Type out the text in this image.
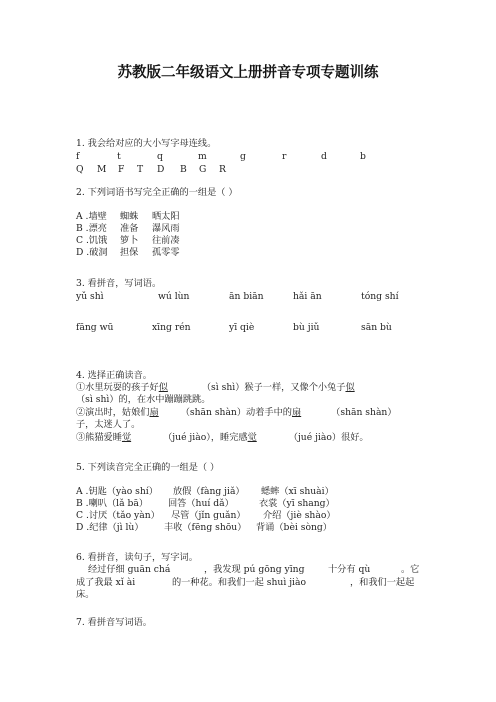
苏教版二年级语文上册拼音专项专题训练
1. 我会给对应的大小写字母连线。
f	t	q	m	g	r	d	b
Q M F T D B G R
2. 下列词语书写完全正确的一组是（ ）
A .墙壁 蜘蛛 晒太阳
B .漂亮 准备 瀑风雨
C .饥饿 箩卜 往前凑
D .破洞 担保 孤零零
3. 看拼音，写词语。
yǔ shì	wú lùn	ān biān	hǎi ān	tóng shí
fāng wū	xīng rén	yī qiè	bù jiǔ	sān bù
4. 选择正确读音。
①水里玩耍的孩子好似	（sì shì）猴子一样，又像个小兔子似
（sì shì）的，在水中蹦蹦跳跳。
②演出时，姑娘们扇 （shān shàn）动着手中的扇	（shān shàn）
子，太迷人了。
③熊猫爱睡觉	（jué jiào），睡完感觉	（jué jiào）很好。
5. 下列读音完全正确的一组是（ ）
A .钥匙（yào shí） 放假（fàng jiǎ） 蟋蟀（xī shuài）
B .喇叭（lǎ bā） 回答（huí dǎ）	衣裳（yī shang）
C .讨厌（tǎo yàn） 尽管（jǐn guǎn） 介绍（jiè shào）
D .纪律（jì lù） 丰收（fēng shōu） 背诵（bèi sòng）
6. 看拼音，读句子，写字词。
经过仔细 guān chá	，我发现 pú gōng yīng	十分有 qù	。它
成了我最 xǐ ài	的一种花。和我们一起 shuì jiào	，和我们一起起
床。
7. 看拼音写词语。
